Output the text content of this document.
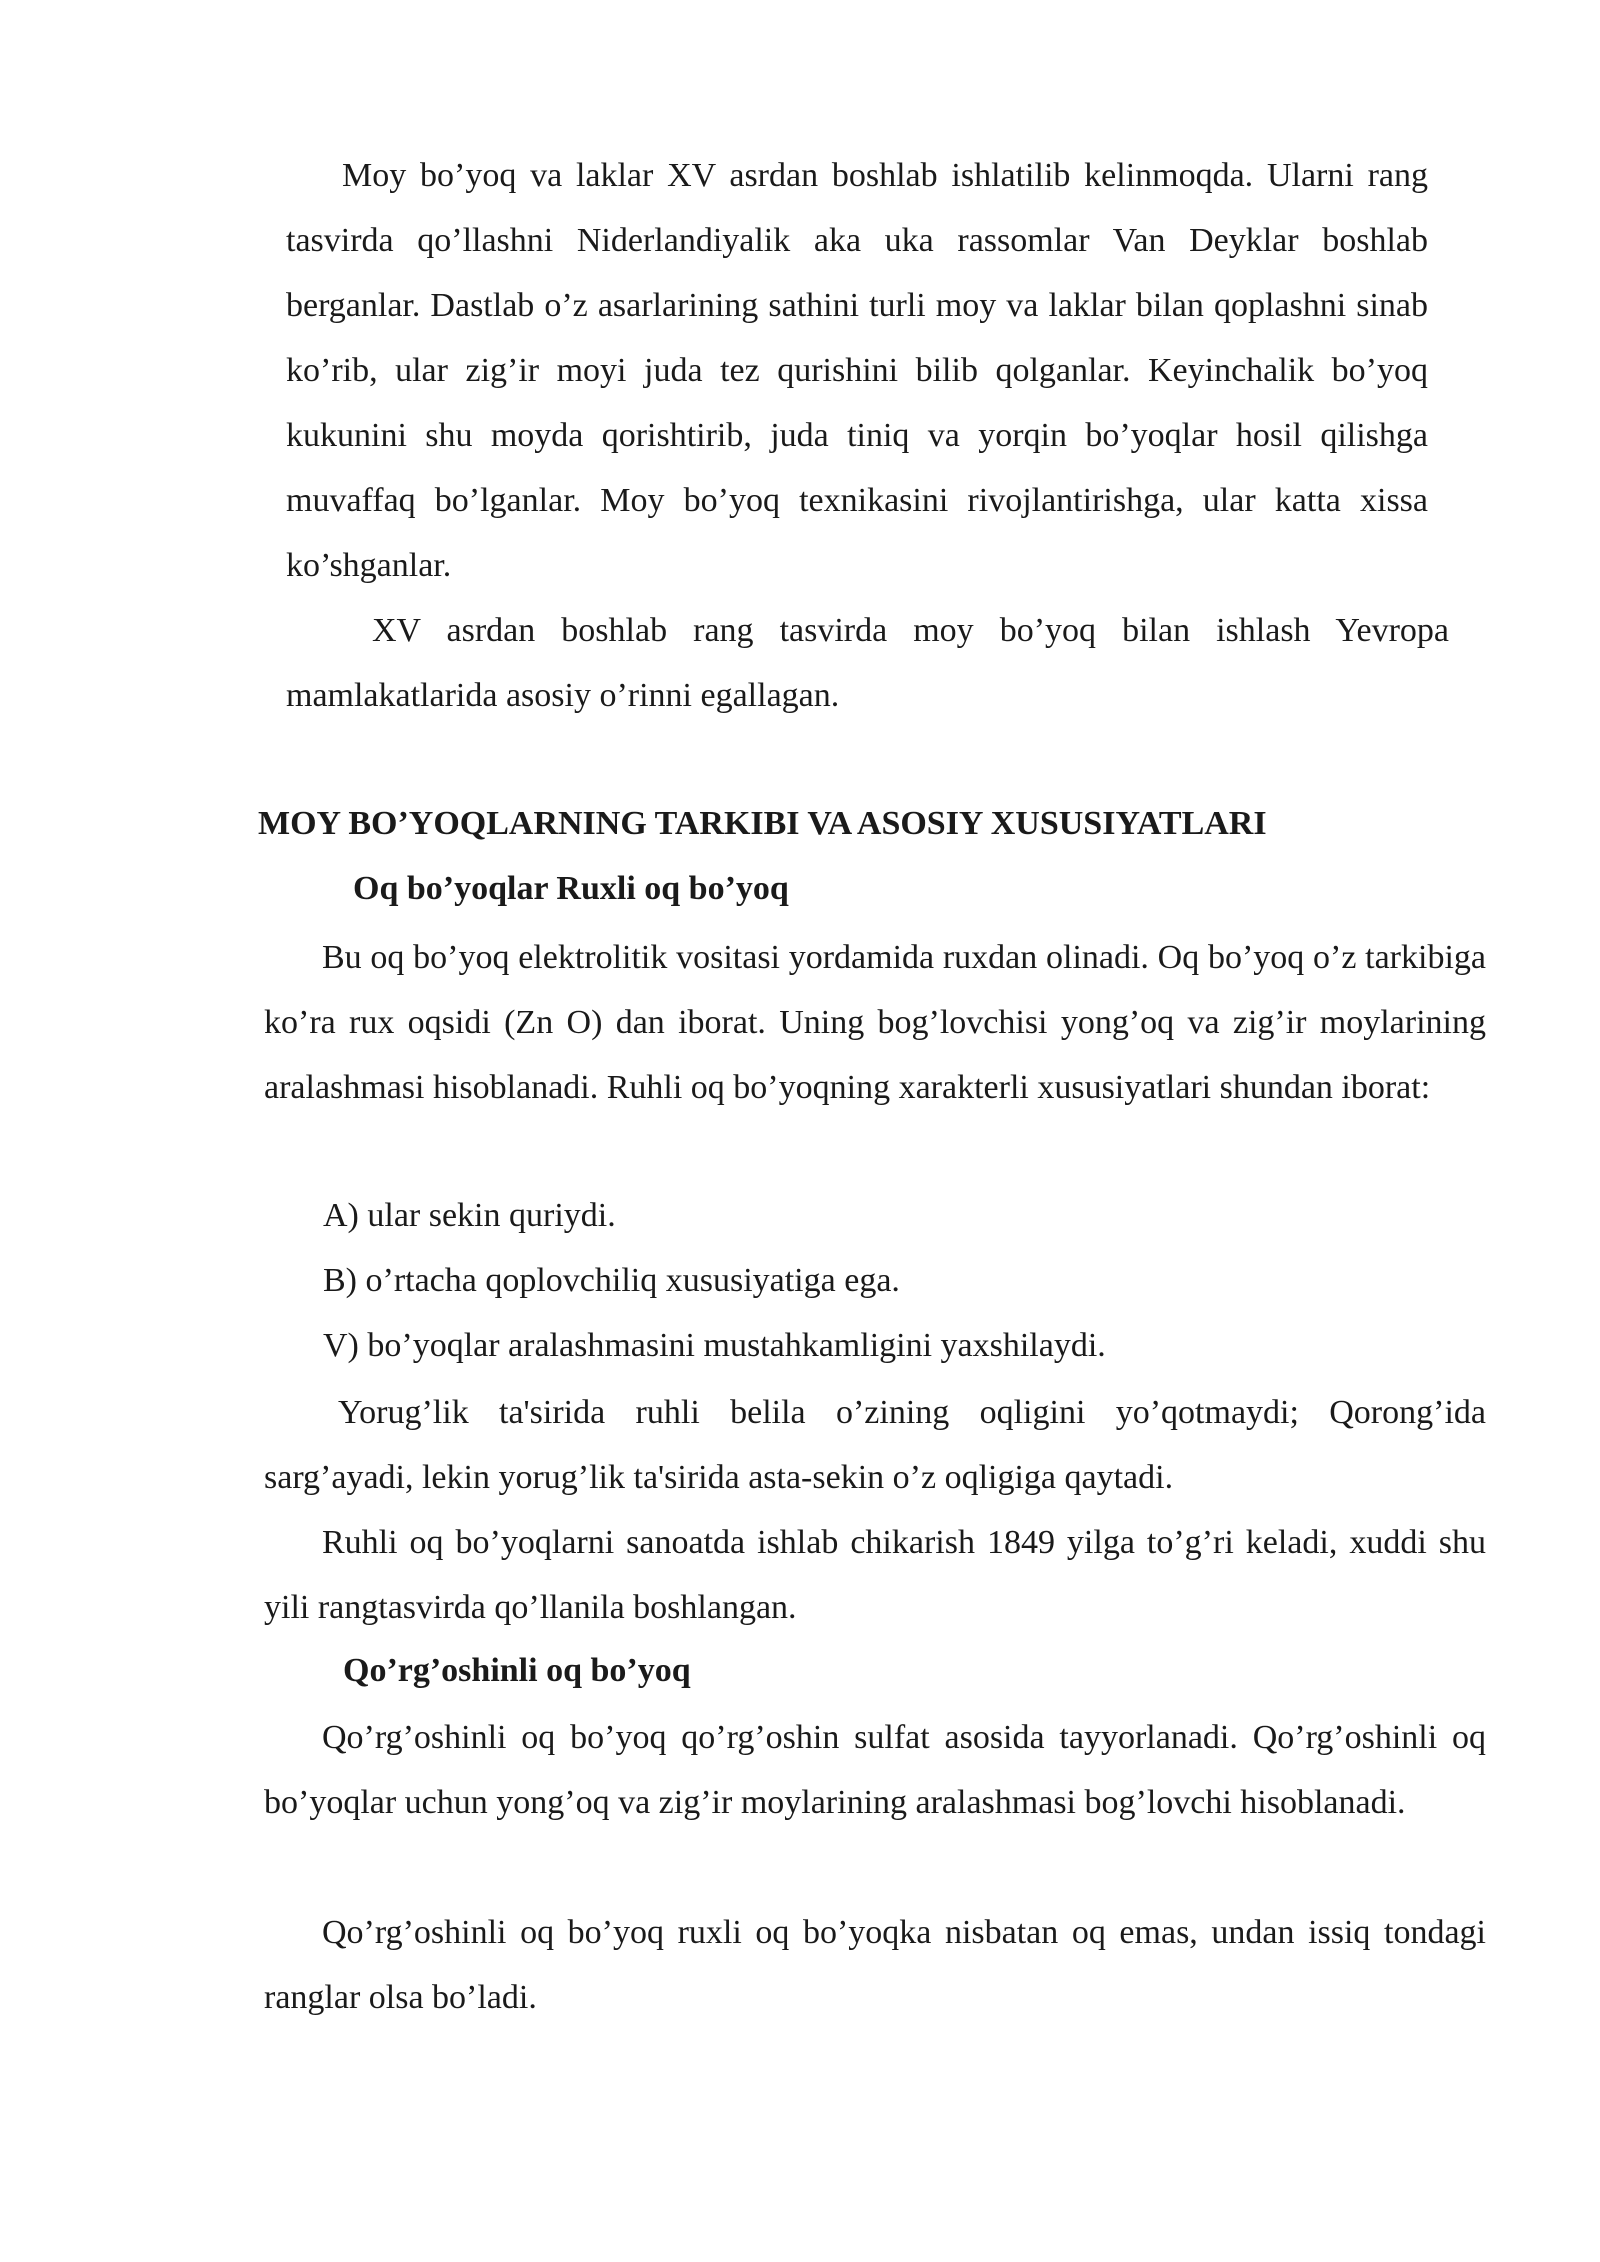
Moy bo’yoq va laklar XV asrdan boshlab ishlatilib kelinmoqda. Ularni rang tasvirda qo’llashni Niderlandiyalik aka uka rassomlar Van Deyklar boshlab berganlar. Dastlab o’z asarlarining sathini turli moy va laklar bilan qoplashni sinab ko’rib, ular zig’ir moyi juda tez qurishini bilib qolganlar. Keyinchalik bo’yoq kukunini shu moyda qorishtirib, juda tiniq va yorqin bo’yoqlar hosil qilishga muvaffaq bo’lganlar. Moy bo’yoq texnikasini rivojlantirishga, ular katta xissa ko’shganlar.

XV asrdan boshlab rang tasvirda moy bo’yoq bilan ishlash Yevropa mamlakatlarida asosiy o’rinni egallagan.

MOY BO’YOQLARNING TARKIBI VA ASOSIY XUSUSIYATLARI
Oq bo’yoqlar Ruxli oq bo’yoq

Bu oq bo’yoq elektrolitik vositasi yordamida ruxdan olinadi. Oq bo’yoq o’z tarkibiga ko’ra rux oqsidi (Zn O) dan iborat. Uning bog’lovchisi yong’oq va zig’ir moylarining aralashmasi hisoblanadi. Ruhli oq bo’yoqning xarakterli xususiyatlari shundan iborat:

A) ular sekin quriydi.
B) o’rtacha qoplovchiliq xususiyatiga ega.
V) bo’yoqlar aralashmasini mustahkamligini yaxshilaydi.

Yorug’lik ta'sirida ruhli belila o’zining oqligini yo’qotmaydi; Qorong’ida sarg’ayadi, lekin yorug’lik ta'sirida asta-sekin o’z oqligiga qaytadi.

Ruhli oq bo’yoqlarni sanoatda ishlab chikarish 1849 yilga to’g’ri keladi, xuddi shu yili rangtasvirda qo’llanila boshlangan.

Qo’rg’oshinli oq bo’yoq

Qo’rg’oshinli oq bo’yoq qo’rg’oshin sulfat asosida tayyorlanadi. Qo’rg’oshinli oq bo’yoqlar uchun yong’oq va zig’ir moylarining aralashmasi bog’lovchi hisoblanadi.

Qo’rg’oshinli oq bo’yoq ruxli oq bo’yoqka nisbatan oq emas, undan issiq tondagi ranglar olsa bo’ladi.
